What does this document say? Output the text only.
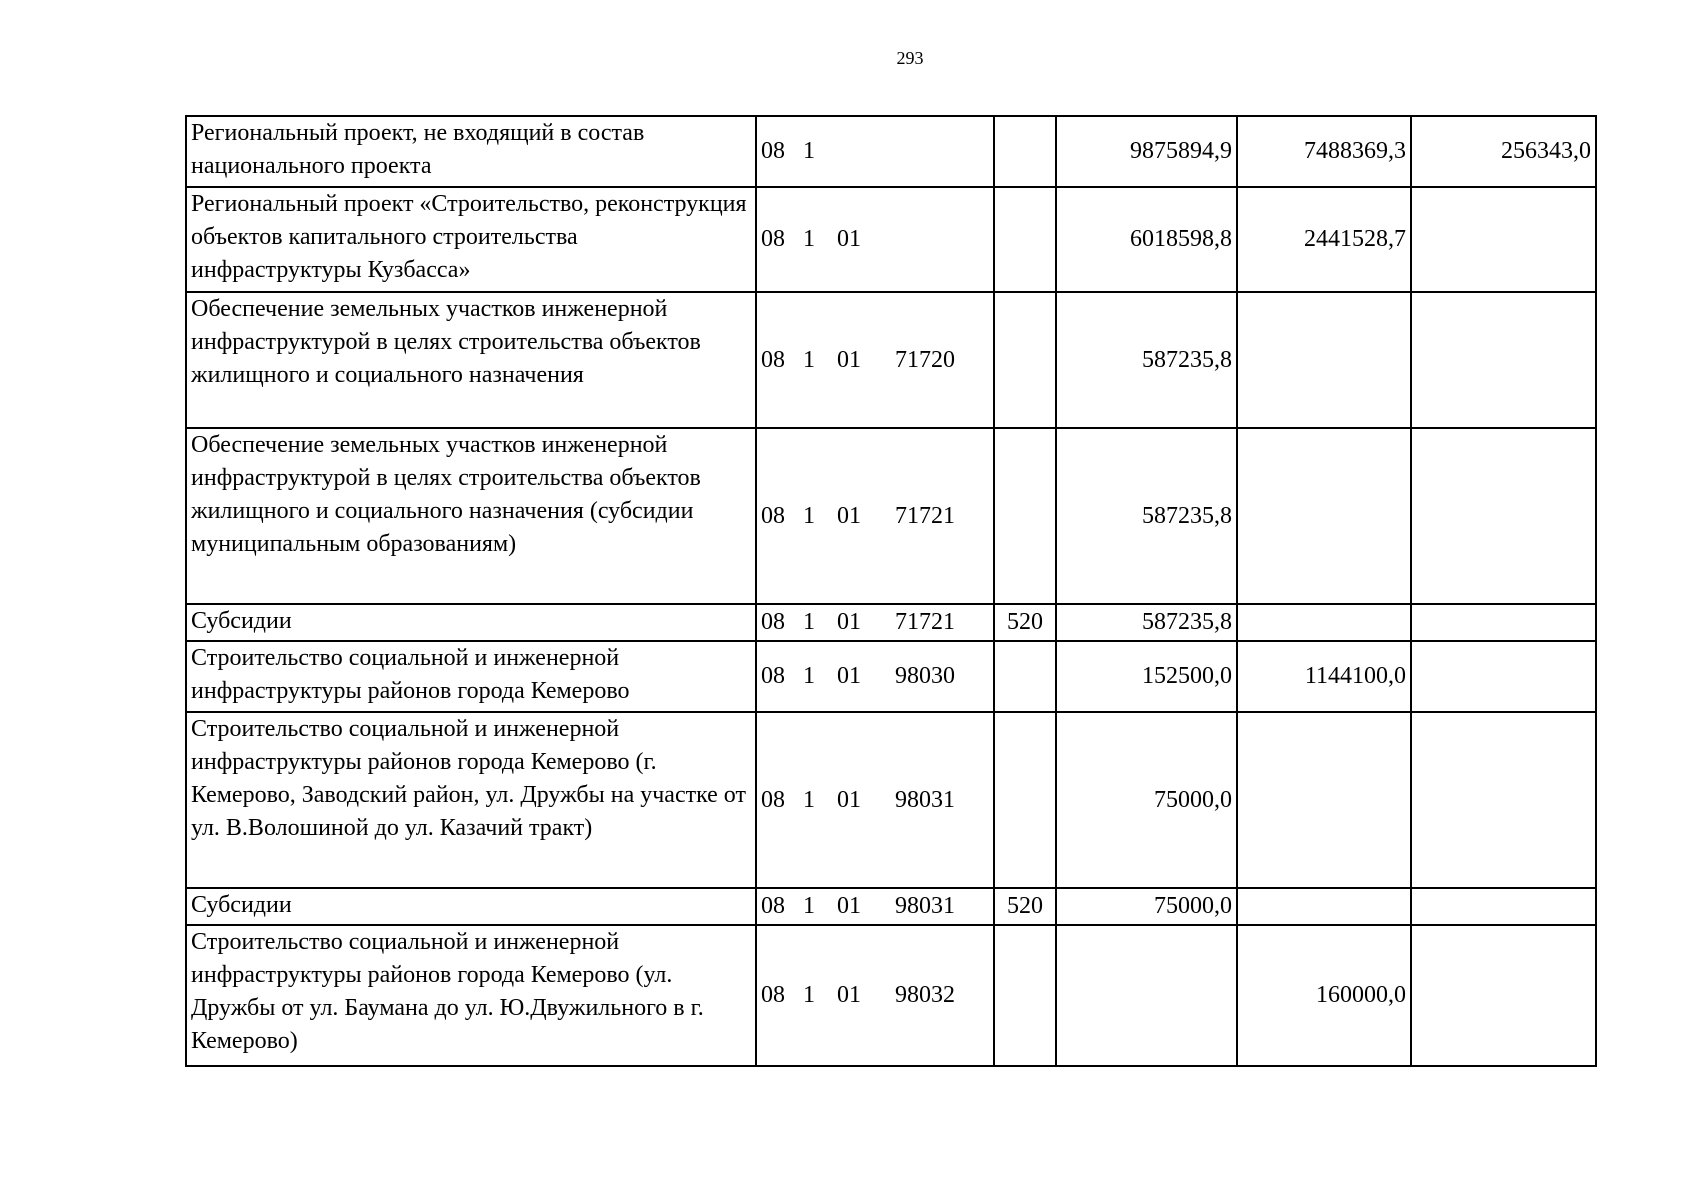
293
Региональный проект, не входящий в состав национального проекта	08 1		9875894,9	7488369,3	256343,0
Региональный проект «Строительство, реконструкция объектов капитального строительства инфраструктуры Кузбасса»	08 1 01		6018598,8	2441528,7	
Обеспечение земельных участков инженерной инфраструктурой в целях строительства объектов жилищного и социального назначения	08 1 01 71720		587235,8		
Обеспечение земельных участков инженерной инфраструктурой в целях строительства объектов жилищного и социального назначения (субсидии муниципальным образованиям)	08 1 01 71721		587235,8		
Субсидии	08 1 01 71721	520	587235,8		
Строительство социальной и инженерной инфраструктуры районов города Кемерово	08 1 01 98030		152500,0	1144100,0	
Строительство социальной и инженерной инфраструктуры районов города Кемерово (г. Кемерово, Заводский район, ул. Дружбы на участке от ул. В.Волошиной до ул. Казачий тракт)	08 1 01 98031		75000,0		
Субсидии	08 1 01 98031	520	75000,0		
Строительство социальной и инженерной инфраструктуры районов города Кемерово (ул. Дружбы от ул. Баумана до ул. Ю.Двужильного в г. Кемерово)	08 1 01 98032			160000,0	
